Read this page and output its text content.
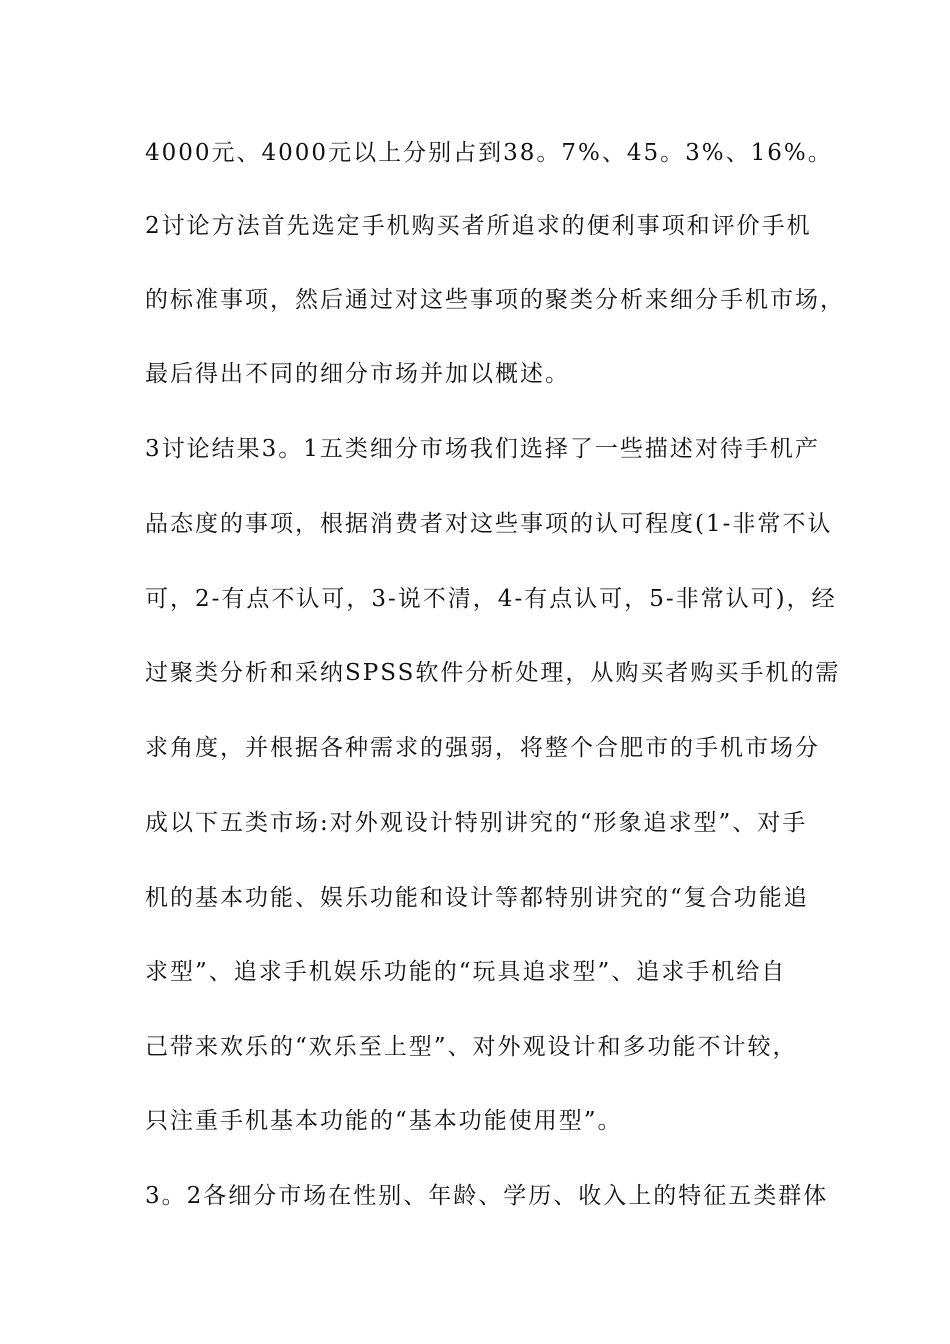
4000元、4000元以上分别占到38。7%、45。3%、16%。
2讨论方法首先选定手机购买者所追求的便利事项和评价手机
的标准事项，然后通过对这些事项的聚类分析来细分手机市场，
最后得出不同的细分市场并加以概述。
3讨论结果3。1五类细分市场我们选择了一些描述对待手机产
品态度的事项，根据消费者对这些事项的认可程度(1-非常不认
可，2-有点不认可，3-说不清，4-有点认可，5-非常认可)，经
过聚类分析和采纳SPSS软件分析处理，从购买者购买手机的需
求角度，并根据各种需求的强弱，将整个合肥市的手机市场分
成以下五类市场:对外观设计特别讲究的“形象追求型”、对手
机的基本功能、娱乐功能和设计等都特别讲究的“复合功能追
求型”、追求手机娱乐功能的“玩具追求型”、追求手机给自
己带来欢乐的“欢乐至上型”、对外观设计和多功能不计较，
只注重手机基本功能的“基本功能使用型”。
3。2各细分市场在性别、年龄、学历、收入上的特征五类群体
